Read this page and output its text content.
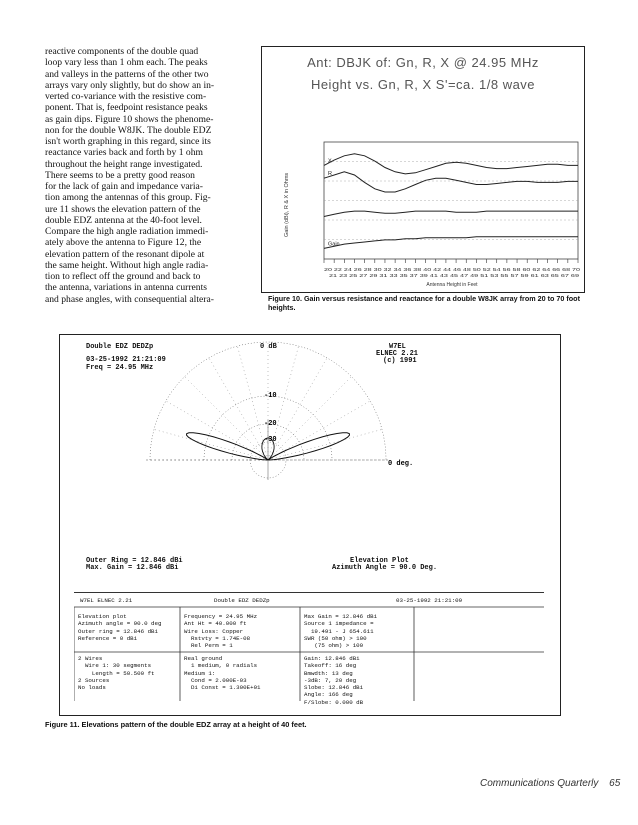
reactive components of the double quad
loop vary less than 1 ohm each. The peaks
and valleys in the patterns of the other two
arrays vary only slightly, but do show an in-
verted co-variance with the resistive com-
ponent. That is, feedpoint resistance peaks
as gain dips. Figure 10 shows the phenome-
non for the double W8JK. The double EDZ
isn't worth graphing in this regard, since its
reactance varies back and forth by 1 ohm
throughout the height range investigated.
There seems to be a pretty good reason
for the lack of gain and impedance varia-
tion among the antennas of this group. Fig-
ure 11 shows the elevation pattern of the
double EDZ antenna at the 40-foot level.
Compare the high angle radiation immedi-
ately above the antenna to Figure 12, the
elevation pattern of the resonant dipole at
the same height. Without high angle radia-
tion to reflect off the ground and back to
the antenna, variations in antenna currents
and phase angles, with consequential altera-
Ant: DBJK of: Gn, R, X @ 24.95 MHz
Height vs. Gn, R, X S'=ca. 1/8 wave
X
R
Gain
Gain (dBi), R & X in Ohms
20 22 24 26 28 30 32 34 36 38 40 42 44 46 48 50 52 54 56 58 60 62 64 66 68 70
21 23 25 27 29 31 33 35 37 39 41 43 45 47 49 51 53 55 57 59 61 63 65 67 69
Antenna Height in Feet
Figure 10. Gain versus resistance and reactance for a double W8JK array from 20 to 70 foot heights.
Double EDZ DEDZp
03-25-1992 21:21:09
Freq = 24.95 MHz
0 dB	W7EL
ELNEC 2.21
(c) 1991
-10
-20
-30
0 deg.
Outer Ring = 12.846 dBi
Max. Gain = 12.846 dBi
Elevation Plot
Azimuth Angle = 90.0 Deg.
W7EL ELNEC 2.21	Double EDZ DEDZp	03-25-1992 21:21:09
Elevation plot
Azimuth angle = 90.0 deg
Outer ring = 12.846 dBi
Reference = 0 dBi
Frequency = 24.95 MHz
Ant Ht = 40.000 ft
Wire Loss: Copper
Rstvty = 1.74E-08
Rel Perm = 1
Max Gain = 12.846 dBi
Source 1 impedance =
19.491 - J 654.611
SWR (50 ohm) > 100
(75 ohm) > 100
2 Wires
Wire 1: 30 segments
Length = 50.500 ft
2 Sources
No loads
Real ground
1 medium, 0 radials
Medium 1:
Cond = 2.000E-03
Di Const = 1.300E+01
Gain: 12.846 dBi
Takeoff: 16 deg
Bmwdth: 13 deg
-3dB: 7, 20 deg
Slobe: 12.846 dBi
Angle: 166 deg
F/Slobe: 0.000 dB
Figure 11. Elevations pattern of the double EDZ array at a height of 40 feet.
Communications Quarterly 65
